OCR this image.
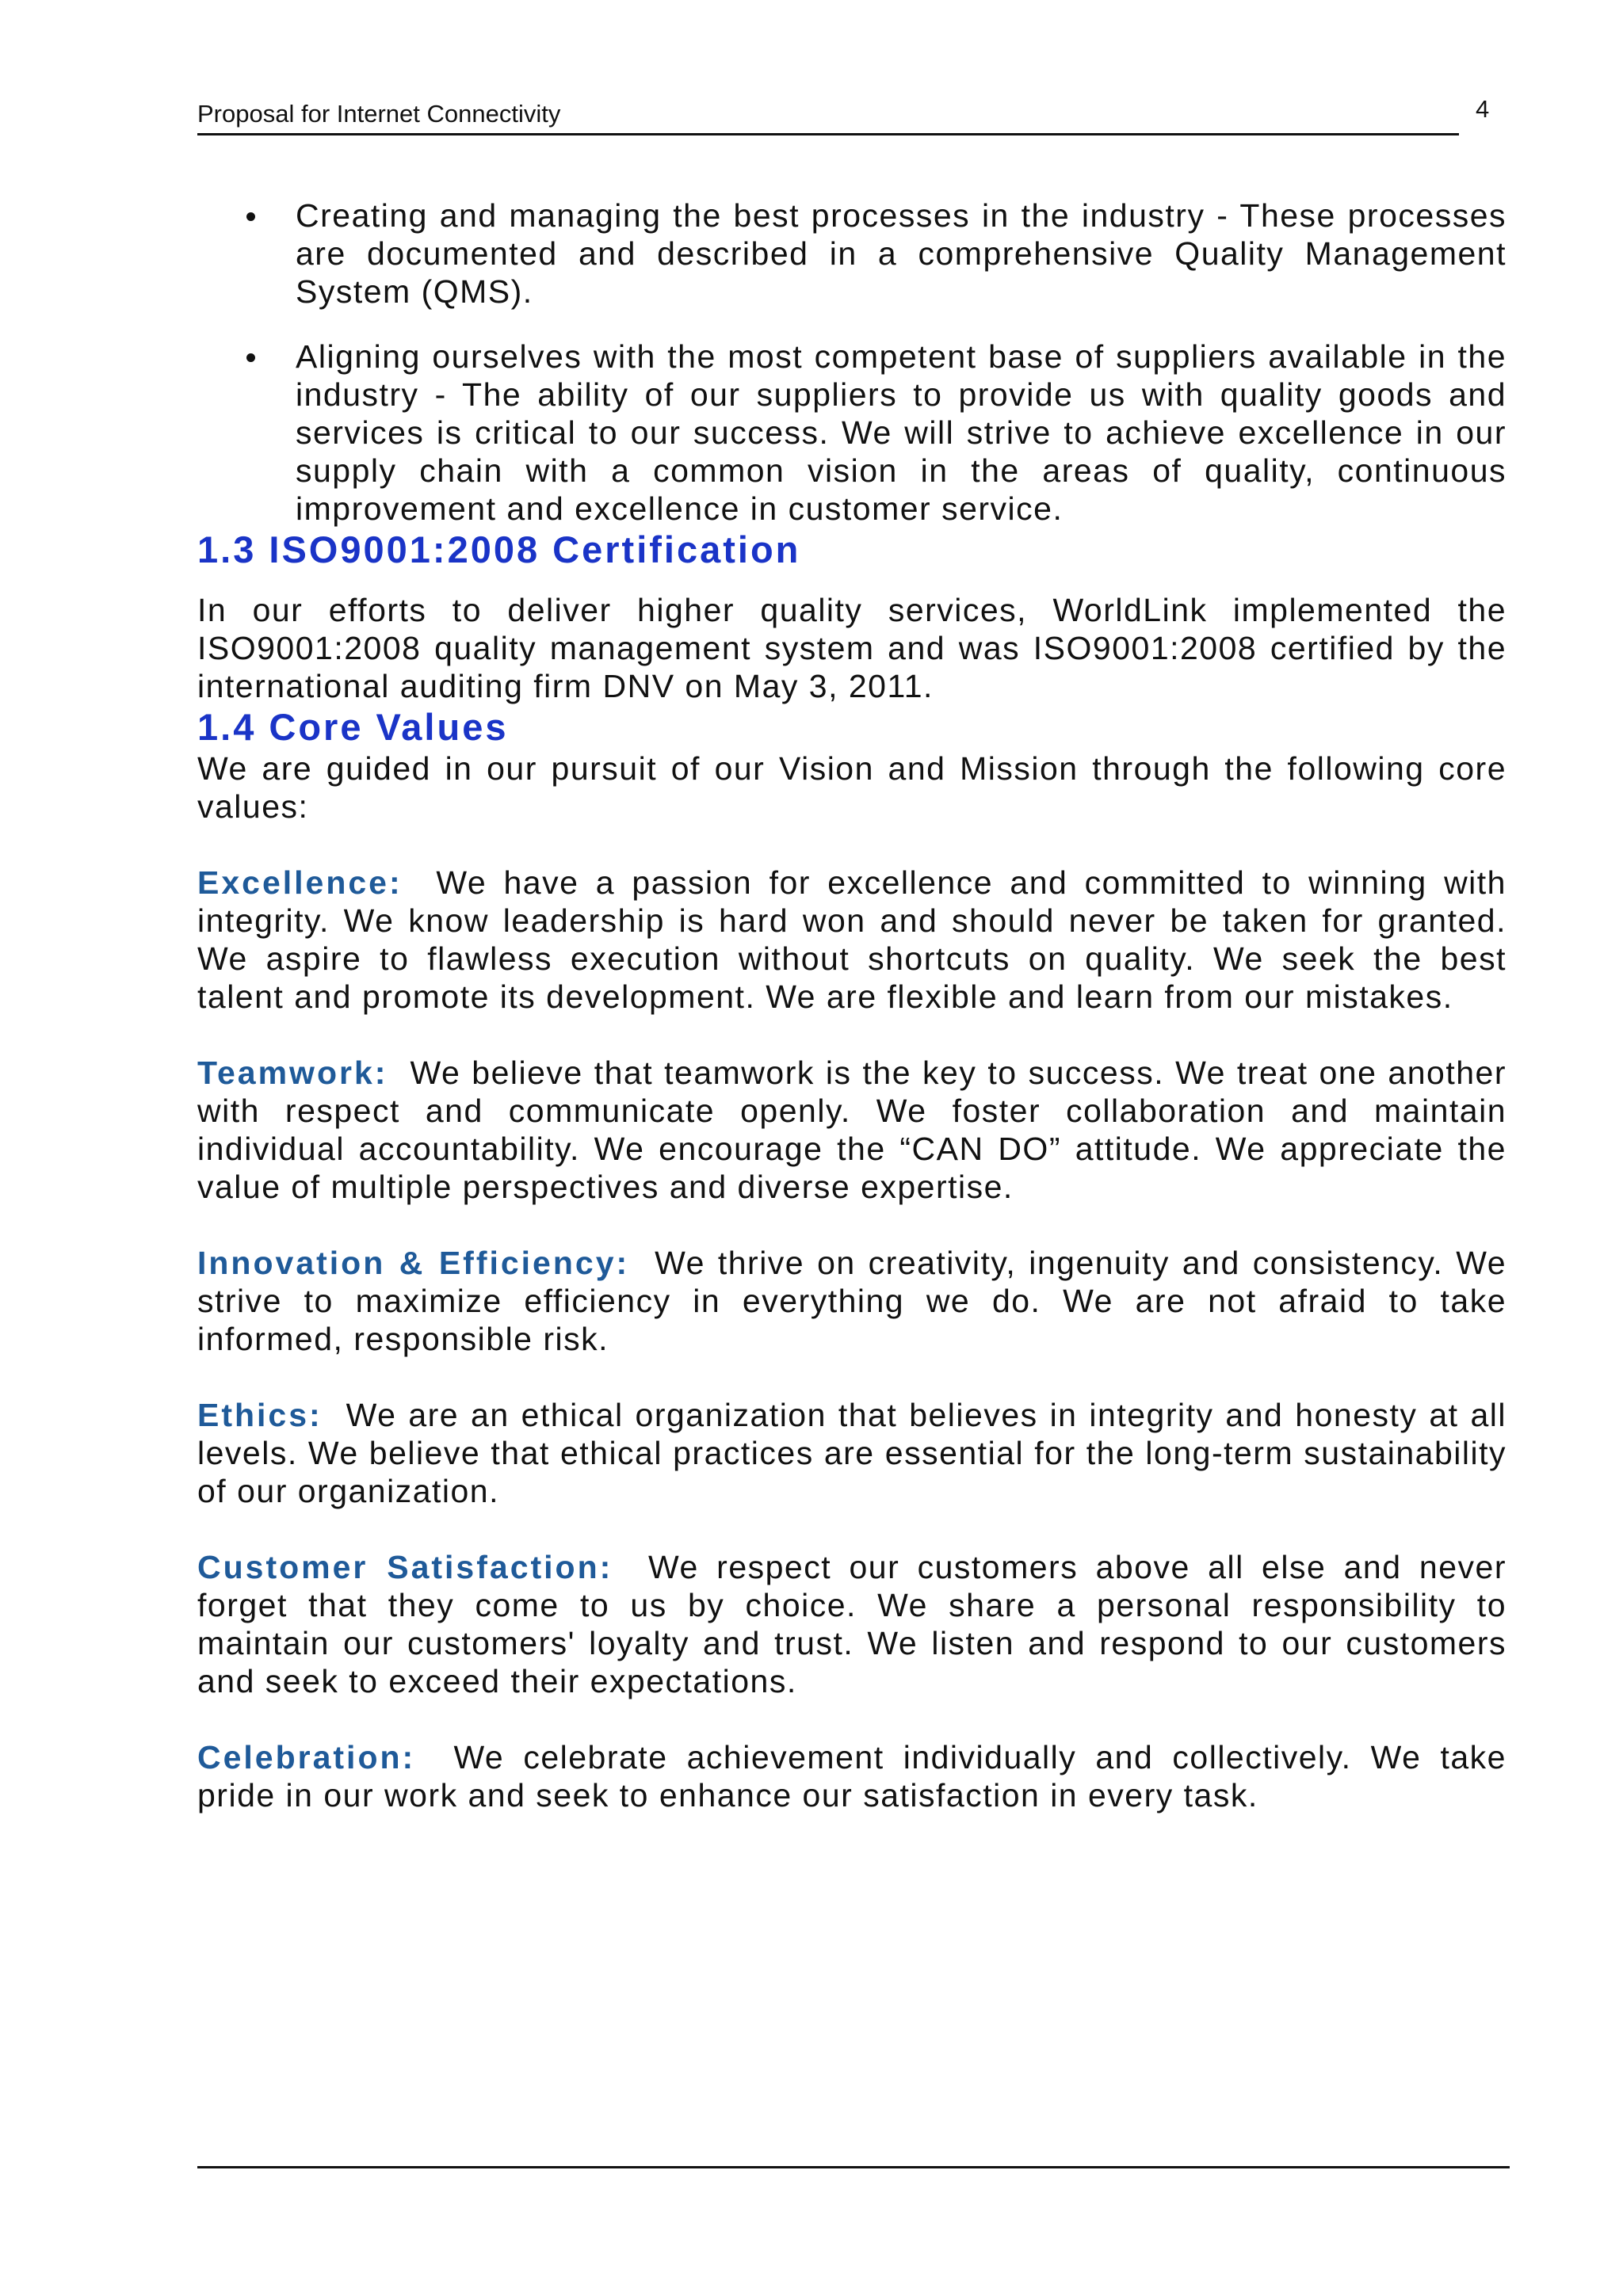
Proposal for Internet Connectivity	4

Creating and managing the best processes in the industry - These processes are documented and described in a comprehensive Quality Management System (QMS).

Aligning ourselves with the most competent base of suppliers available in the industry - The ability of our suppliers to provide us with quality goods and services is critical to our success. We will strive to achieve excellence in our supply chain with a common vision in the areas of quality, continuous improvement and excellence in customer service.

1.3 ISO9001:2008 Certification

In our efforts to deliver higher quality services, WorldLink implemented the ISO9001:2008 quality management system and was ISO9001:2008 certified by the international auditing firm DNV on May 3, 2011.

1.4 Core Values

We are guided in our pursuit of our Vision and Mission through the following core values:

Excellence: We have a passion for excellence and committed to winning with integrity. We know leadership is hard won and should never be taken for granted. We aspire to flawless execution without shortcuts on quality. We seek the best talent and promote its development. We are flexible and learn from our mistakes.

Teamwork: We believe that teamwork is the key to success. We treat one another with respect and communicate openly. We foster collaboration and maintain individual accountability. We encourage the “CAN DO” attitude. We appreciate the value of multiple perspectives and diverse expertise.

Innovation & Efficiency: We thrive on creativity, ingenuity and consistency. We strive to maximize efficiency in everything we do. We are not afraid to take informed, responsible risk.

Ethics: We are an ethical organization that believes in integrity and honesty at all levels. We believe that ethical practices are essential for the long-term sustainability of our organization.

Customer Satisfaction: We respect our customers above all else and never forget that they come to us by choice. We share a personal responsibility to maintain our customers' loyalty and trust. We listen and respond to our customers and seek to exceed their expectations.

Celebration: We celebrate achievement individually and collectively. We take pride in our work and seek to enhance our satisfaction in every task.
